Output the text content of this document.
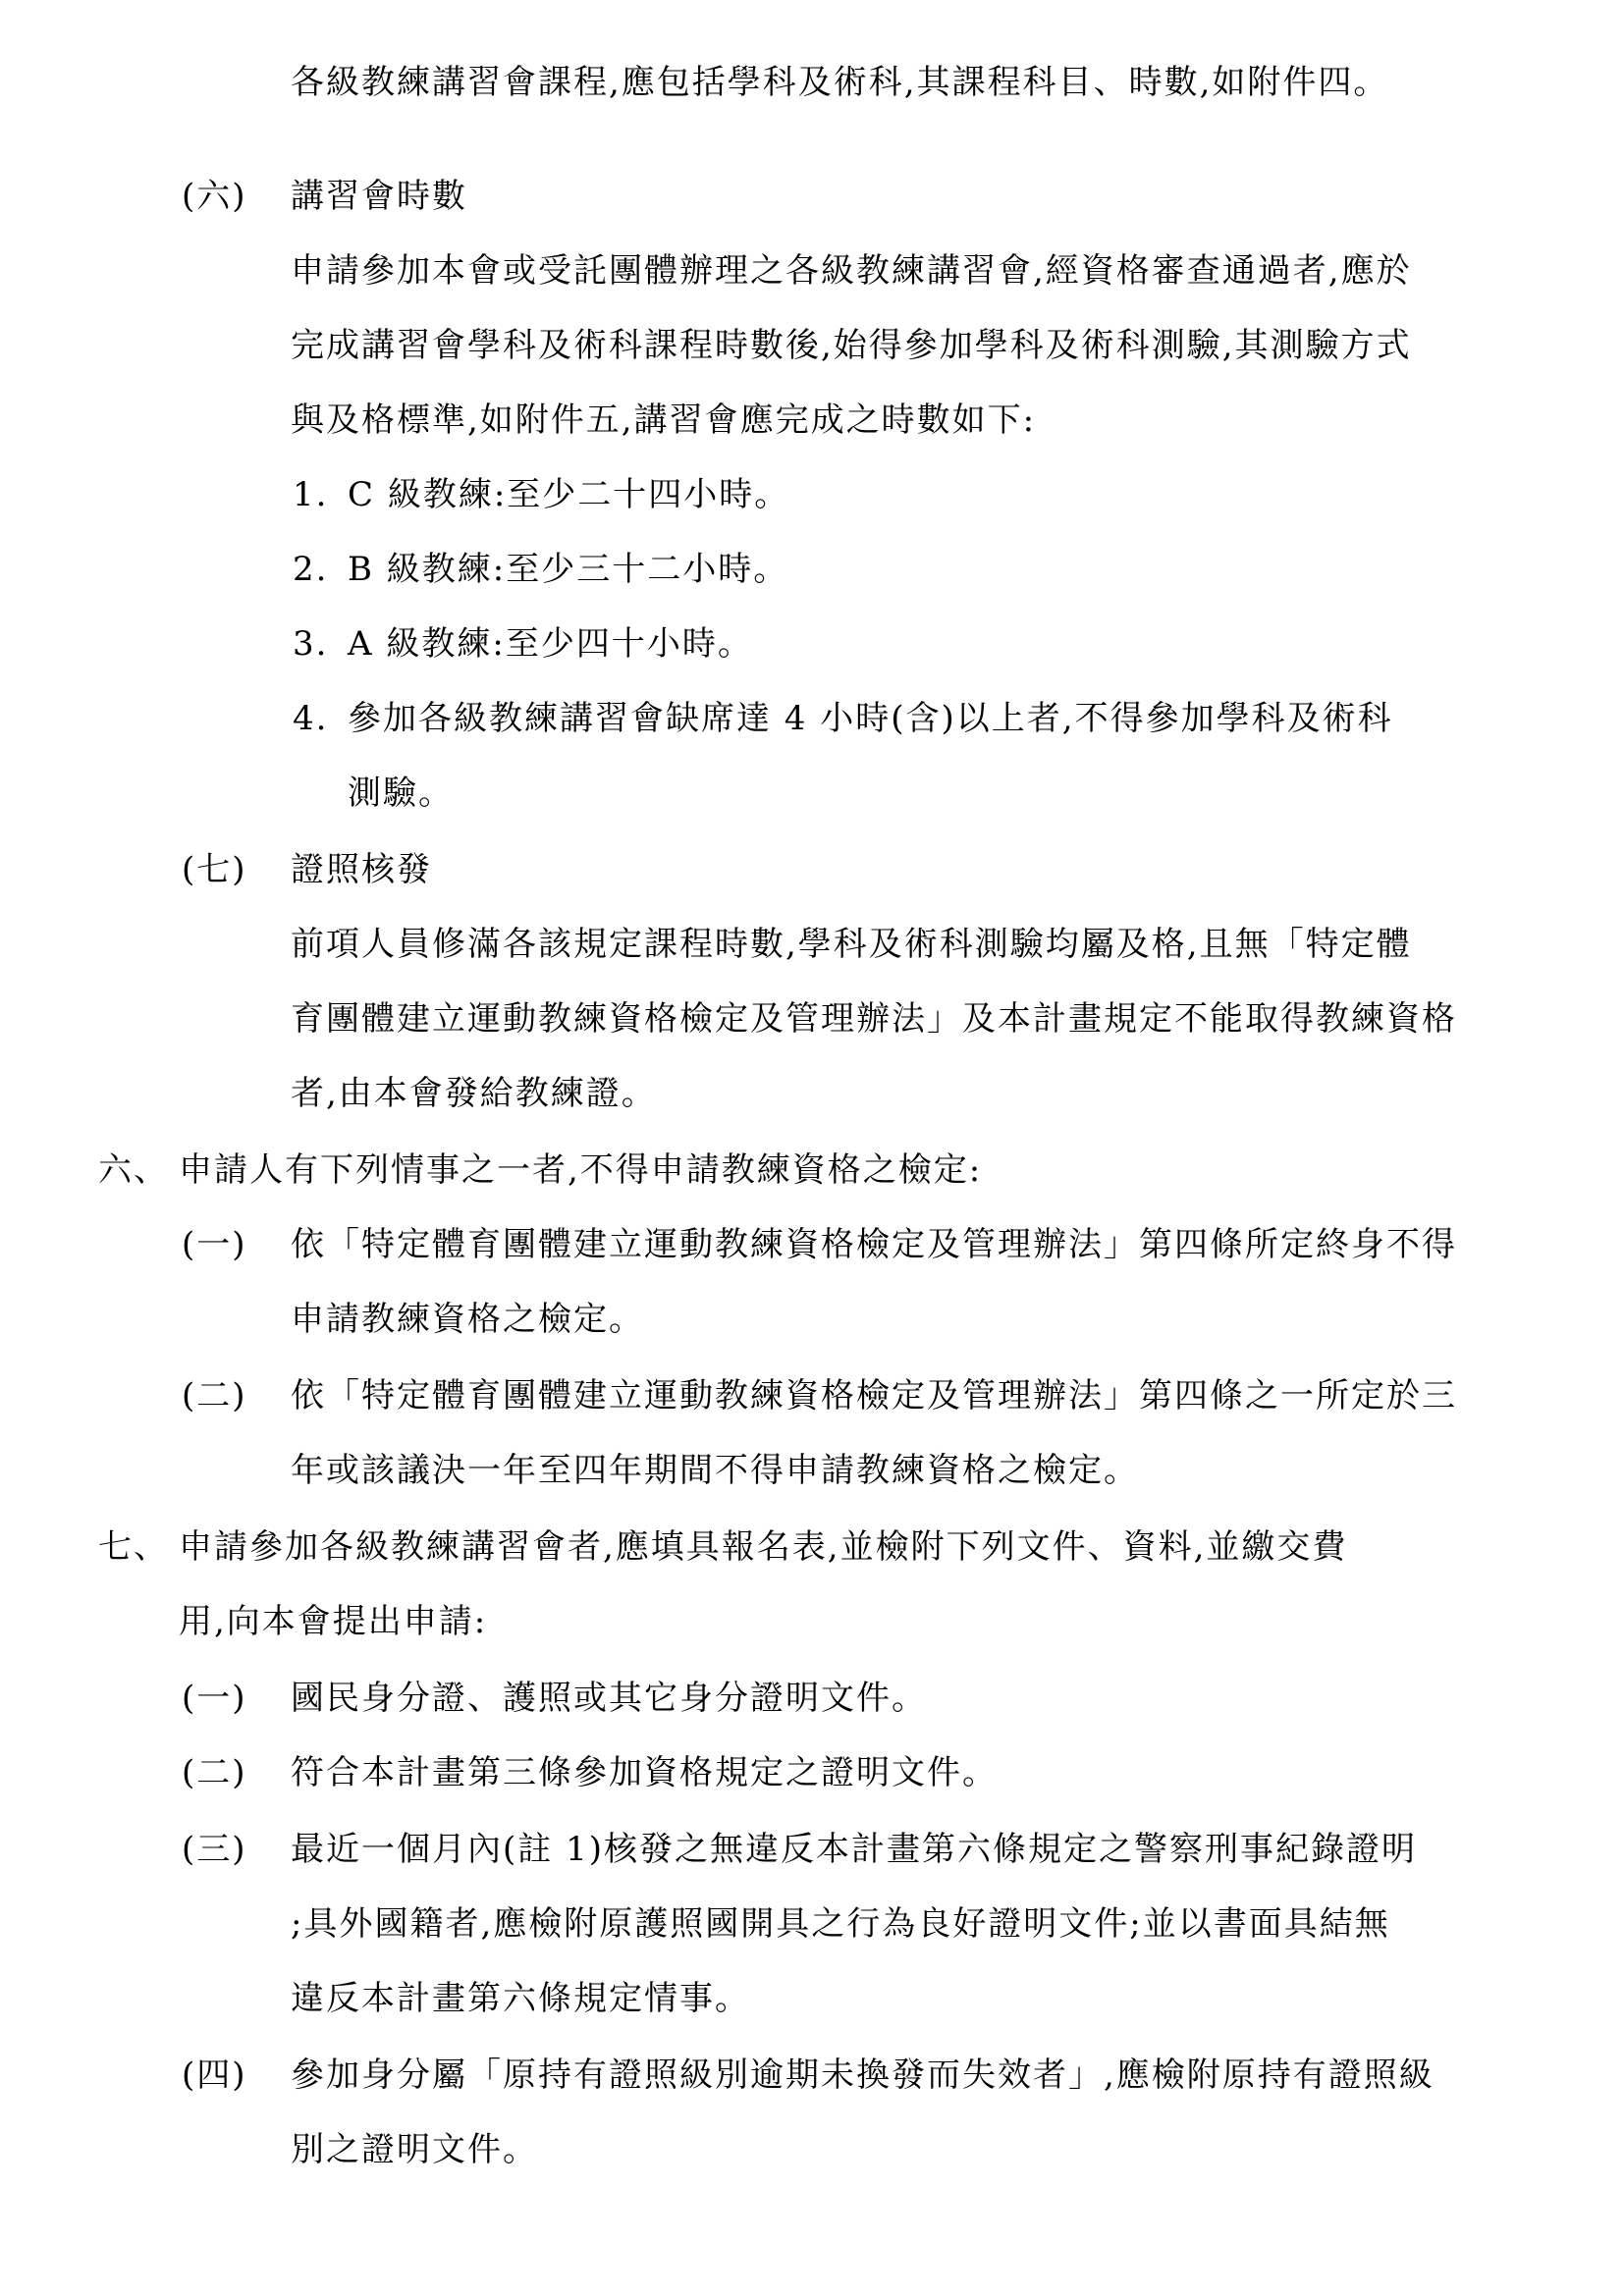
各級教練講習會課程,應包括學科及術科,其課程科目、時數,如附件四。
(六) 講習會時數
申請參加本會或受託團體辦理之各級教練講習會,經資格審查通過者,應於
完成講習會學科及術科課程時數後,始得參加學科及術科測驗,其測驗方式
與及格標準,如附件五,講習會應完成之時數如下:
1. C 級教練:至少二十四小時。
2. B 級教練:至少三十二小時。
3. A 級教練:至少四十小時。
4. 參加各級教練講習會缺席達 4 小時(含)以上者,不得參加學科及術科
測驗。
(七) 證照核發
前項人員修滿各該規定課程時數,學科及術科測驗均屬及格,且無「特定體
育團體建立運動教練資格檢定及管理辦法」及本計畫規定不能取得教練資格
者,由本會發給教練證。
六、 申請人有下列情事之一者,不得申請教練資格之檢定:
(一) 依「特定體育團體建立運動教練資格檢定及管理辦法」第四條所定終身不得
申請教練資格之檢定。
(二) 依「特定體育團體建立運動教練資格檢定及管理辦法」第四條之一所定於三
年或該議決一年至四年期間不得申請教練資格之檢定。
七、 申請參加各級教練講習會者,應填具報名表,並檢附下列文件、資料,並繳交費
用,向本會提出申請:
(一) 國民身分證、護照或其它身分證明文件。
(二) 符合本計畫第三條參加資格規定之證明文件。
(三) 最近一個月內(註 1)核發之無違反本計畫第六條規定之警察刑事紀錄證明
;具外國籍者,應檢附原護照國開具之行為良好證明文件;並以書面具結無
違反本計畫第六條規定情事。
(四) 參加身分屬「原持有證照級別逾期未換發而失效者」,應檢附原持有證照級
別之證明文件。
